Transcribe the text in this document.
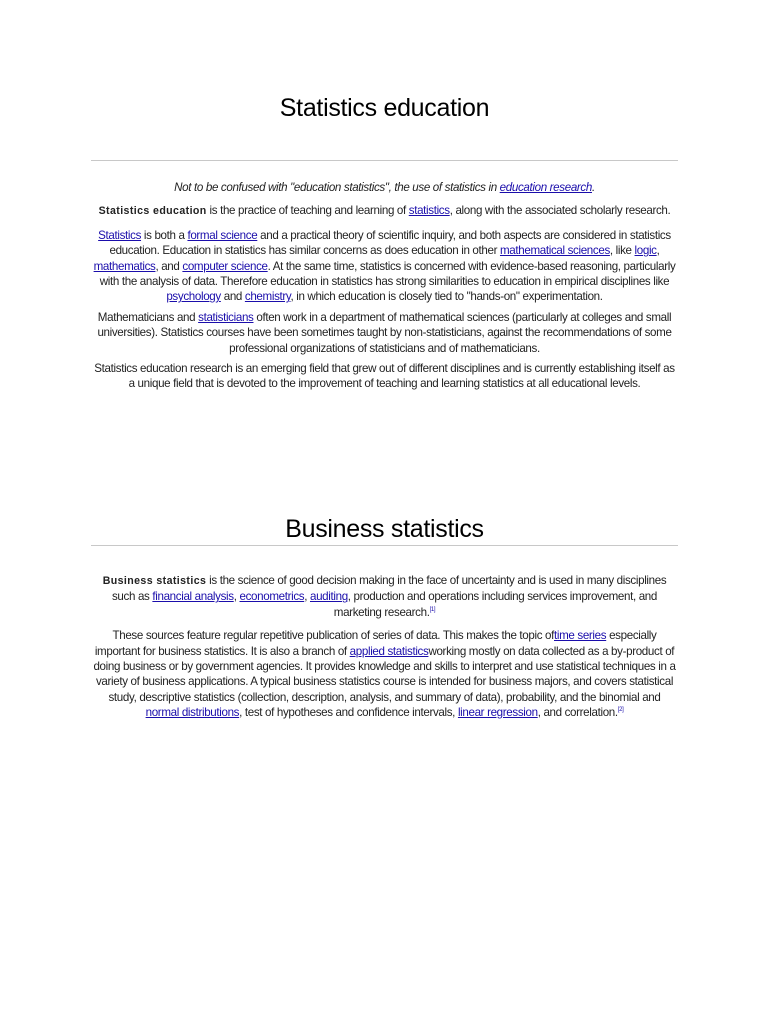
Statistics education

Not to be confused with "education statistics", the use of statistics in education research.

Statistics education is the practice of teaching and learning of statistics, along with the associated scholarly research.

Statistics is both a formal science and a practical theory of scientific inquiry, and both aspects are considered in statistics education. Education in statistics has similar concerns as does education in other mathematical sciences, like logic, mathematics, and computer science. At the same time, statistics is concerned with evidence-based reasoning, particularly with the analysis of data. Therefore education in statistics has strong similarities to education in empirical disciplines like psychology and chemistry, in which education is closely tied to "hands-on" experimentation.

Mathematicians and statisticians often work in a department of mathematical sciences (particularly at colleges and small universities). Statistics courses have been sometimes taught by non-statisticians, against the recommendations of some professional organizations of statisticians and of mathematicians.

Statistics education research is an emerging field that grew out of different disciplines and is currently establishing itself as a unique field that is devoted to the improvement of teaching and learning statistics at all educational levels.

Business statistics

Business statistics is the science of good decision making in the face of uncertainty and is used in many disciplines such as financial analysis, econometrics, auditing, production and operations including services improvement, and marketing research.[1]

These sources feature regular repetitive publication of series of data. This makes the topic oftime series especially important for business statistics. It is also a branch of applied statisticsworking mostly on data collected as a by-product of doing business or by government agencies. It provides knowledge and skills to interpret and use statistical techniques in a variety of business applications. A typical business statistics course is intended for business majors, and covers statistical study, descriptive statistics (collection, description, analysis, and summary of data), probability, and the binomial and normal distributions, test of hypotheses and confidence intervals, linear regression, and correlation.[2]
